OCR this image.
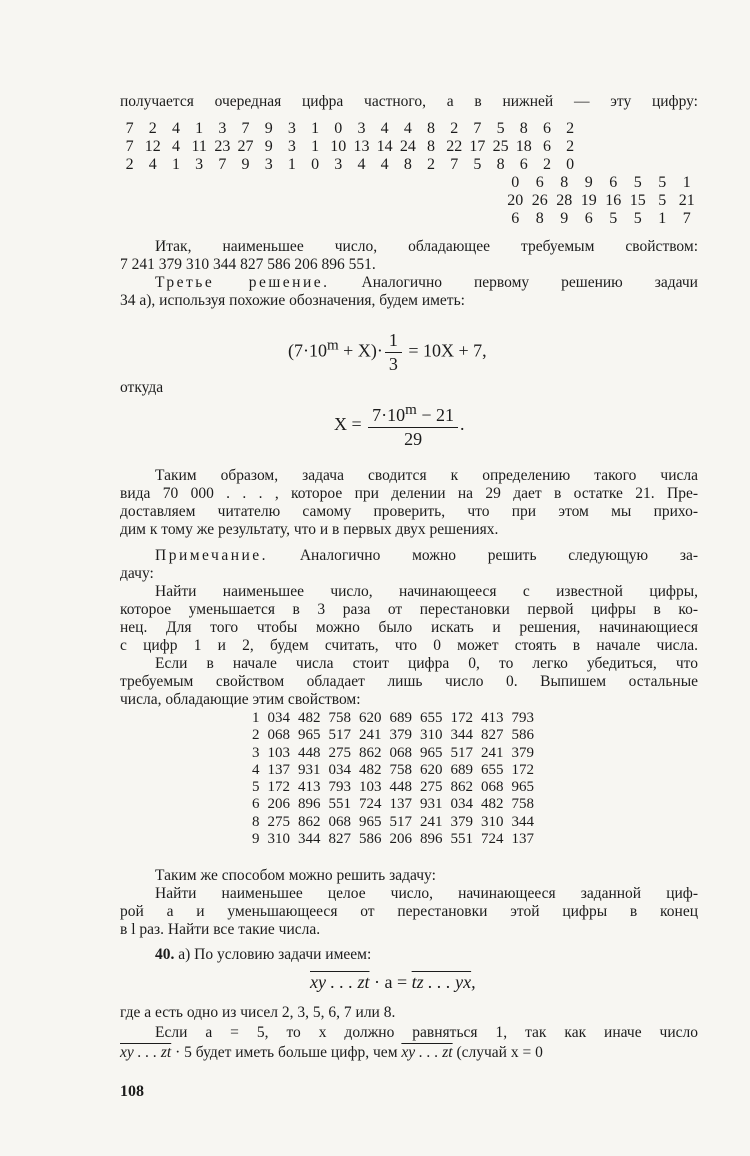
получается очередная цифра частного, а в нижней — эту цифру:
7 2 4 1 3 7 9 3 1 0 3 4 4 8 2 7 5 8 6 2
7 12 4 11 23 27 9 3 1 10 13 14 24 8 22 17 25 18 6 2
2 4 1 3 7 9 3 1 0 3 4 4 8 2 7 5 8 6 2 0
0	6	8	9	6	5	5	1
20 26 28 19 16 15 5 21
6	8	9	6	5	5	1	7
Итак, наименьшее число, обладающее требуемым свойством:
7 241 379 310 344 827 586 206 896 551.
Третье решение. Аналогично первому решению задачи
34 а), используя похожие обозначения, будем иметь:
$(7\cdot 10^m + X)\cdot \frac{1}{3} = 10X + 7$,
откуда
$X = \frac{7\cdot 10^m - 21}{29}$ .
Таким образом, задача сводится к определению такого числа
вида 70 000 . . . , которое при делении на 29 дает в остатке 21. Пре-
доставляем читателю самому проверить, что при этом мы прихо-
дим к тому же результату, что и в первых двух решениях.
Примечание. Аналогично можно решить следующую за-
дачу:
Найти наименьшее число, начинающееся с известной цифры,
которое уменьшается в 3 раза от перестановки первой цифры в ко-
нец. Для того чтобы можно было искать и решения, начинающиеся
с цифр 1 и 2, будем считать, что 0 может стоять в начале числа.
Если в начале числа стоит цифра 0, то легко убедиться, что
требуемым свойством обладает лишь число 0. Выпишем остальные
числа, обладающие этим свойством:
1	034	482	758	620	689	655	172	413	793
2	068	965	517	241	379	310	344	827	586
3	103	448	275	862	068	965	517	241	379
4	137	931	034	482	758	620	689	655	172
5	172	413	793	103	448	275	862	068	965
6	206	896	551	724	137	931	034	482	758
8	275	862	068	965	517	241	379	310	344
9	310	344	827	586	206	896	551	724	137
Таким же способом можно решить задачу:
Найти наименьшее целое число, начинающееся заданной циф-
рой a и уменьшающееся от перестановки этой цифры в конец
в l раз. Найти все такие числа.
40. а) По условию задачи имеем:
xy . . . zt · a = tz . . . yx,
где a есть одно из чисел 2, 3, 5, 6, 7 или 8.
Если a = 5, то x должно равняться 1, так как иначе число
xy . . . zt · 5 будет иметь больше цифр, чем xy . . . zt (случай x = 0
108
